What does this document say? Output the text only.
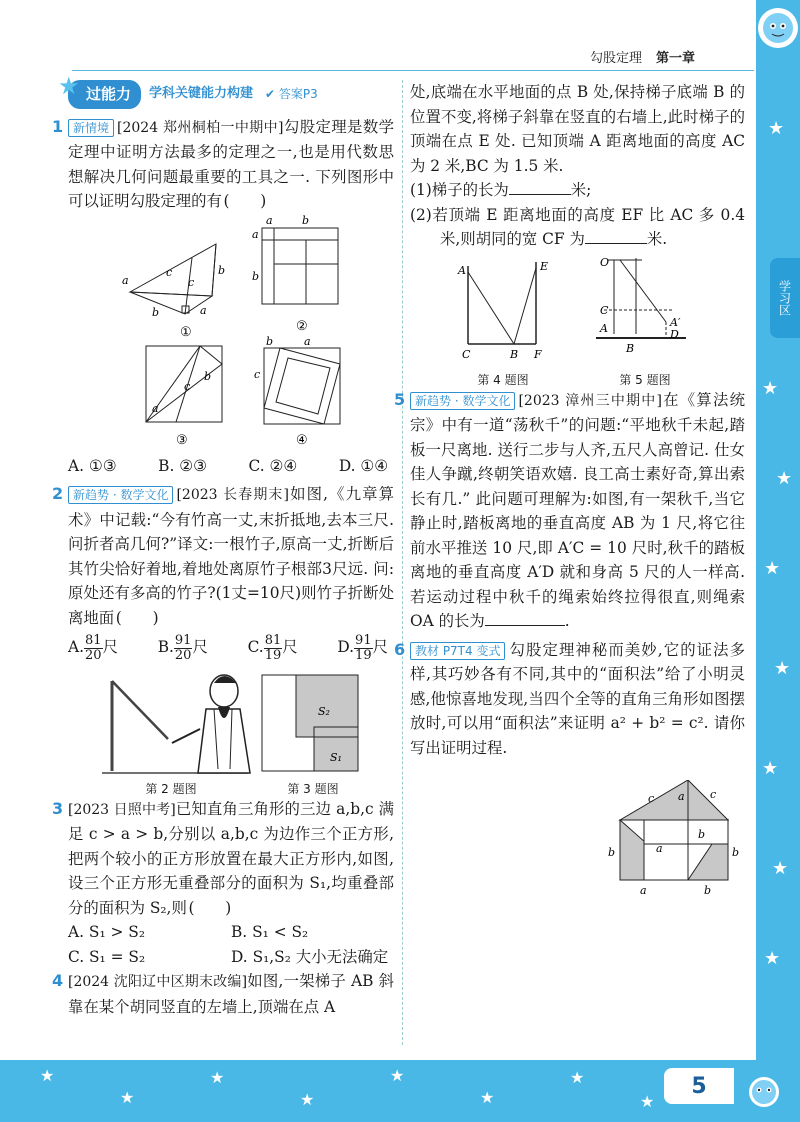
★
★
★
★
★
★
★
★
★
★
★
★
★
★
★
★
5
勾股定理 第一章
学习区
★ 过能力	学科关键能力构建 ✔ 答案P3
1 新情境 [2024 郑州桐柏一中期中]勾股定理是数学定理中证明方法最多的定理之一,也是用代数思想解决几何问题最重要的工具之一. 下列图形中可以证明勾股定理的有 (　　)
a
c
c
b
b	a
①
a	b
a
b
②
a
c
b
③
b	a
c
④
A. ①③	B. ②③	C. ②④	D. ①④
2 新趋势 · 数学文化 [2023 长春期末]如图,《九章算术》中记载:“今有竹高一丈,末折抵地,去本三尺. 问折者高几何?”译文:一根竹子,原高一丈,折断后其竹尖恰好着地,着地处离原竹子根部3尺远. 问:原处还有多高的竹子?(1丈=10尺)则竹子折断处离地面 (　　)
A. $\frac{81}{20}$ 尺	B. $\frac{91}{20}$ 尺	C. $\frac{81}{19}$ 尺	D. $\frac{91}{19}$ 尺
S₂
S₁
第 2 题图	第 3 题图
3 [2023 日照中考]已知直角三角形的三边 a,b,c 满足 c > a > b,分别以 a,b,c 为边作三个正方形,把两个较小的正方形放置在最大正方形内,如图,设三个正方形无重叠部分的面积为 S₁,均重叠部分的面积为 S₂,则 (　　)
A. S₁ > S₂	B. S₁ < S₂
C. S₁ = S₂	D. S₁,S₂ 大小无法确定
4 [2024 沈阳辽中区期末改编]如图,一架梯子 AB 斜靠在某个胡同竖直的左墙上,顶端在点 A
处,底端在水平地面的点 B 处,保持梯子底端 B 的位置不变,将梯子斜靠在竖直的右墙上,此时梯子的顶端在点 E 处. 已知顶端 A 距离地面的高度 AC 为 2 米,BC 为 1.5 米.
(1)梯子的长为	米;
(2)若顶端 E 距离地面的高度 EF 比 AC 多 0.4 米,则胡同的宽 CF 为	米.
A	E
C	B F
O
C
A	A′
D
B
第 4 题图	第 5 题图
5 新趋势 · 数学文化 [2023 漳州三中期中]在《算法统宗》中有一道“荡秋千”的问题:“平地秋千未起,踏板一尺离地. 送行二步与人齐,五尺人高曾记. 仕女佳人争蹴,终朝笑语欢嬉. 良工高士素好奇,算出索长有几.” 此问题可理解为:如图,有一架秋千,当它静止时,踏板离地的垂直高度 AB 为 1 尺,将它往前水平推送 10 尺,即 A′C = 10 尺时,秋千的踏板离地的垂直高度 A′D 就和身高 5 尺的人一样高. 若运动过程中秋千的绳索始终拉得很直,则绳索 OA 的长为	.
6 教材 P7T4 变式 勾股定理神秘而美妙,它的证法多样,其巧妙各有不同,其中的“面积法”给了小明灵感,他惊喜地发现,当四个全等的直角三角形如图摆放时,可以用“面积法”来证明 a² + b² = c². 请你写出证明过程.
c a c
b	b
a
b
a	b
